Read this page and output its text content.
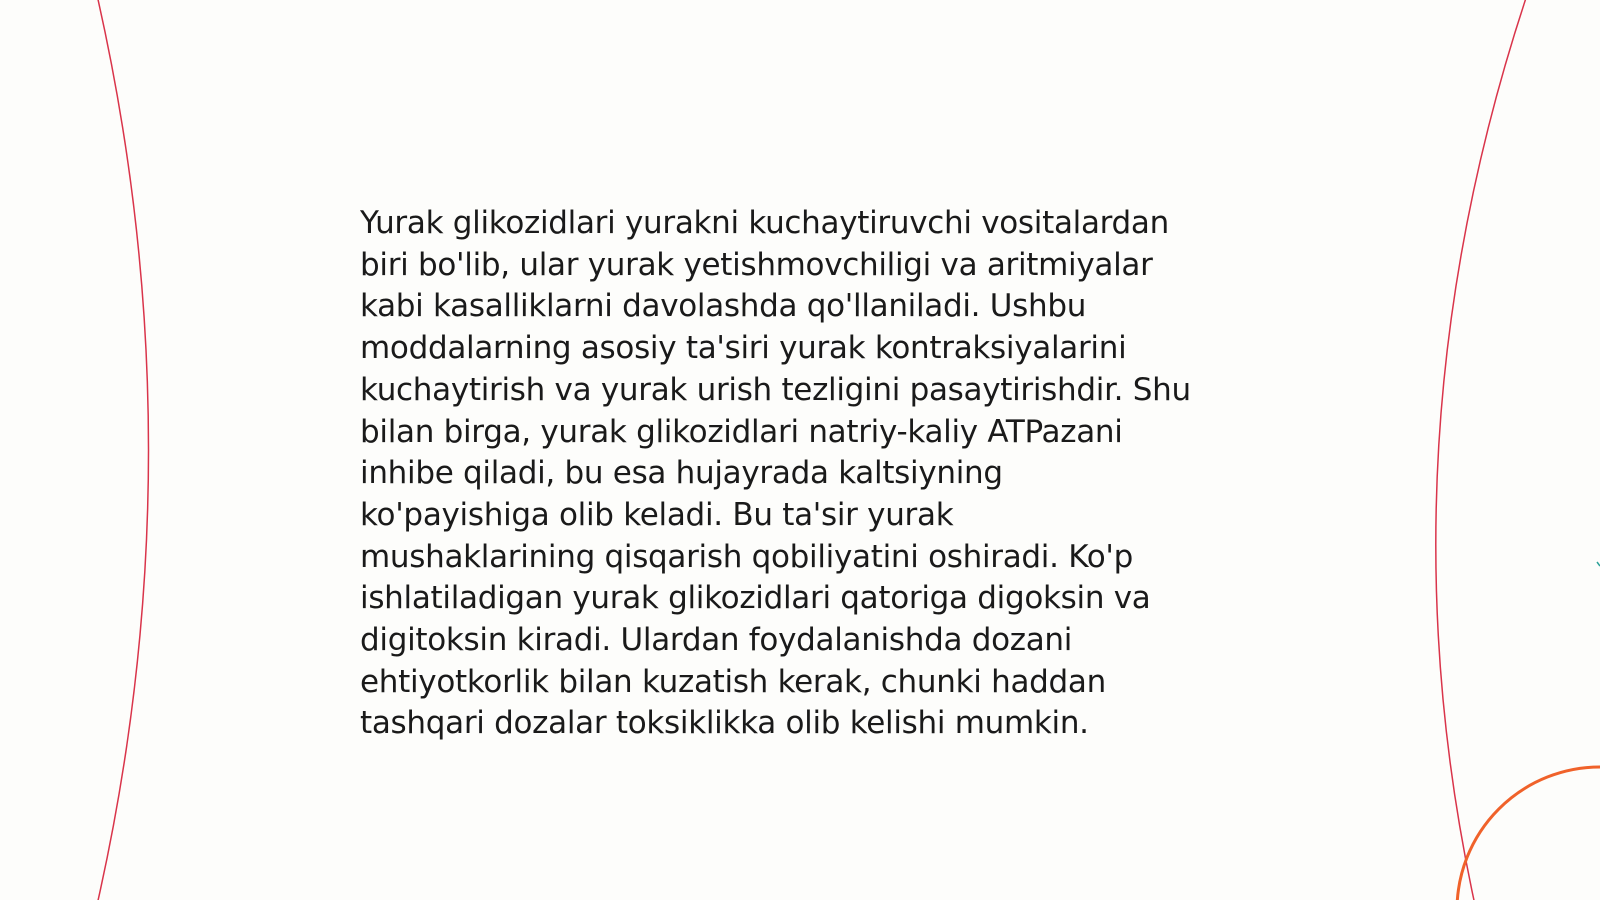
Yurak glikozidlari yurakni kuchaytiruvchi vositalardan
biri bo'lib, ular yurak yetishmovchiligi va aritmiyalar
kabi kasalliklarni davolashda qo'llaniladi. Ushbu
moddalarning asosiy ta'siri yurak kontraksiyalarini
kuchaytirish va yurak urish tezligini pasaytirishdir. Shu
bilan birga, yurak glikozidlari natriy-kaliy ATPazani
inhibe qiladi, bu esa hujayrada kaltsiyning
ko'payishiga olib keladi. Bu ta'sir yurak
mushaklarining qisqarish qobiliyatini oshiradi. Ko'p
ishlatiladigan yurak glikozidlari qatoriga digoksin va
digitoksin kiradi. Ulardan foydalanishda dozani
ehtiyotkorlik bilan kuzatish kerak, chunki haddan
tashqari dozalar toksiklikka olib kelishi mumkin.
